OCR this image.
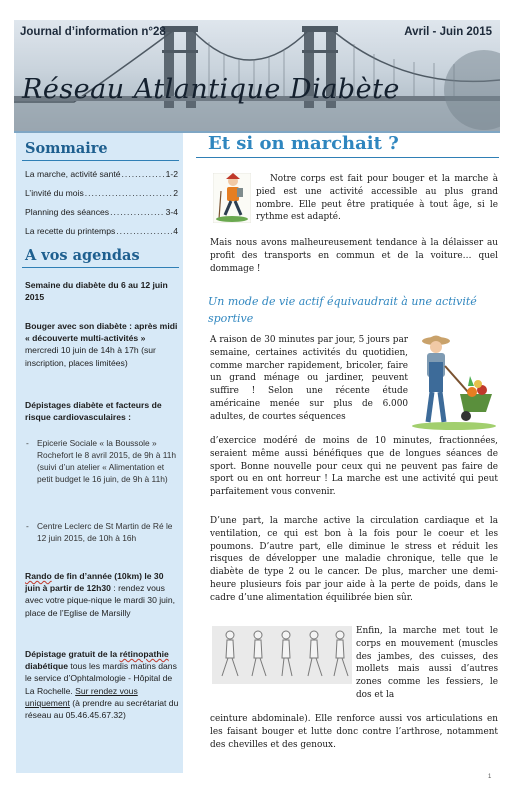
Journal d’information n°28	Avril - Juin 2015
Réseau Atlantique Diabète
Sommaire
La marche, activité santé .....	1-2
L’invité du mois .....	2
Planning des séances .....	3-4
La recette du printemps .....	4
A vos agendas
Semaine du diabète du 6 au 12 juin 2015
Bouger avec son diabète : après midi « découverte multi-activités » mercredi 10 juin de 14h à 17h (sur inscription, places limitées)
Dépistages diabète et facteurs de risque cardiovasculaires :
- Epicerie Sociale « la Boussole » Rochefort le 8 avril 2015, de 9h à 11h (suivi d’un atelier « Alimentation et petit budget le 16 juin, de 9h à 11h)
- Centre Leclerc de St Martin de Ré le 12 juin 2015, de 10h à 16h
Rando de fin d’année (10km) le 30 juin à partir de 12h30 : rendez vous avec votre pique-nique le mardi 30 juin, place de l’Eglise de Marsilly
Dépistage gratuit de la rétinopathie diabétique tous les mardis matins dans le service d’Ophtalmologie - Hôpital de La Rochelle. Sur rendez vous uniquement (à prendre au secrétariat du réseau au 05.46.45.67.32)
Et si on marchait ?
Notre corps est fait pour bouger et la marche à pied est une activité accessible au plus grand nombre. Elle peut être pratiquée à tout âge, si le rythme est adapté.
Mais nous avons malheureusement tendance à la délaisser au profit des transports en commun et de la voiture… quel dommage !
Un mode de vie actif équivaudrait à une activité sportive
A raison de 30 minutes par jour, 5 jours par semaine, certaines activités du quotidien, comme marcher rapidement, bricoler, faire un grand ménage ou jardiner, peuvent suffire ! Selon une récente étude américaine menée sur plus de 6.000 adultes, de courtes séquences
d’exercice modéré de moins de 10 minutes, fractionnées, seraient même aussi bénéfiques que de longues séances de sport. Bonne nouvelle pour ceux qui ne peuvent pas faire de sport ou en ont horreur ! La marche est une activité qui peut parfaitement vous convenir.
D’une part, la marche active la circulation cardiaque et la ventilation, ce qui est bon à la fois pour le coeur et les poumons. D’autre part, elle diminue le stress et réduit les risques de développer une maladie chronique, telle que le diabète de type 2 ou le cancer. De plus, marcher une demi-heure plusieurs fois par jour aide à la perte de poids, dans le cadre d’une alimentation équilibrée bien sûr.
Enfin, la marche met tout le corps en mouvement (muscles des jambes, des cuisses, des mollets mais aussi d’autres zones comme les fessiers, le dos et la
ceinture abdominale). Elle renforce aussi vos articulations en les faisant bouger et lutte donc contre l’arthrose, notamment des chevilles et des genoux.
1
